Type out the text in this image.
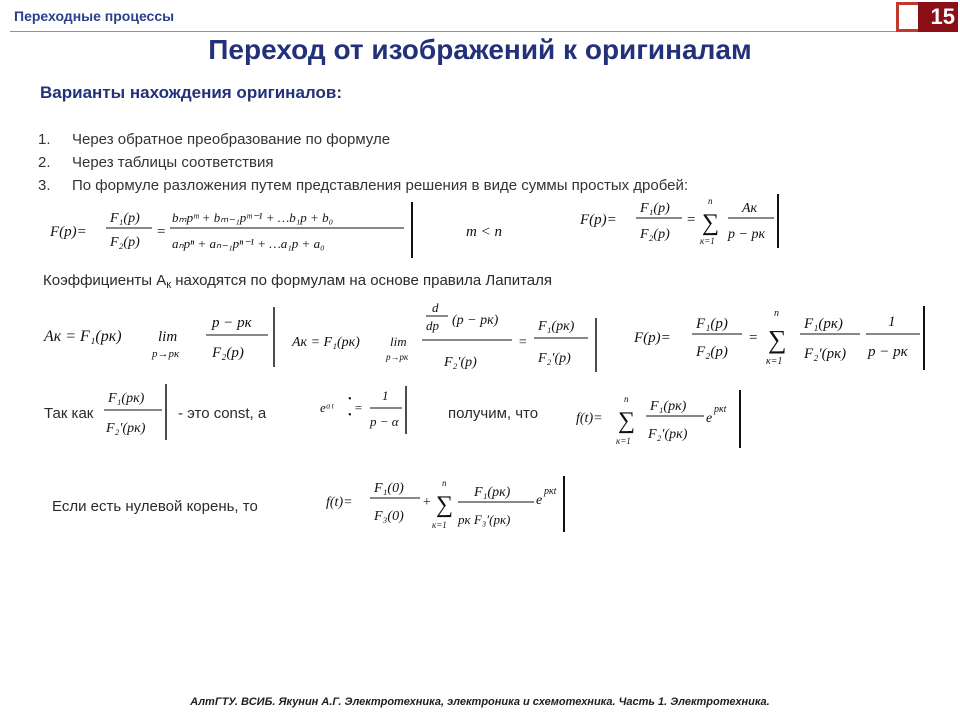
Переходные процессы	15
Переход от изображений к оригиналам
Варианты нахождения оригиналов:
1. Через обратное преобразование по формуле
2. Через таблицы соответствия
3. По формуле разложения путем представления решения в виде суммы простых дробей:
F(p)=
F₁(p)
F₂(p)
=
bₘpᵐ + bₘ₋₁pᵐ⁻¹ + …b₁p + b₀
aₙpⁿ + aₙ₋₁pⁿ⁻¹ + …a₁p + a₀
m < n
F(p)=
F₁(p)
F₂(p)
=
n
∑
к=1
Aк
p − pк
Коэффициенты $А_к$ находятся по формулам на основе правила Лапиталя
Aк = F₁(pк) lim
p→pк
p − pк
F₂(p)
Aк = F₁(pк) lim
p→pк
d
dp (p − pк)
F₂′(p)
=
F₁(pк)
F₂′(p)
F(p)=
F₁(p)
F₂(p)
=
n
∑
к=1
F₁(pк)
F₂′(pк)
1
p − pк
Так как
F₁(pк)
F₂′(pк)
- это const, а	eᵅᵗ
•
•
=
1
p − α	получим, что	f(t)=
n
∑
к=1
F₁(pк)
F₂′(pк)
e
pкt
Если есть нулевой корень, то	f(t)=
F₁(0)
F₃(0)
+
n
∑
к=1
F₁(pк)
pк F₃′(pк)
e
pкt
АлтГТУ. ВСИБ. Якунин А.Г. Электротехника, электроника и схемотехника. Часть 1. Электротехника.
